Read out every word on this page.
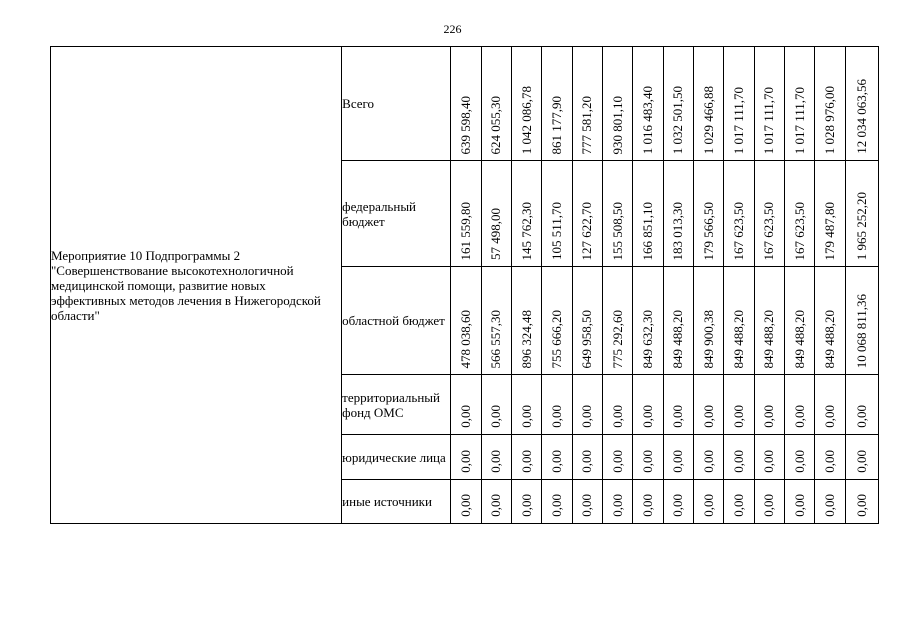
226
Мероприятие 10 Подпрограммы 2 "Совершенствование высокотехнологичной медицинской помощи, развитие новых эффективных методов лечения в Нижегородской области"	Всего	639 598,40	624 055,30	1 042 086,78	861 177,90	777 581,20	930 801,10	1 016 483,40	1 032 501,50	1 029 466,88	1 017 111,70	1 017 111,70	1 017 111,70	1 028 976,00	12 034 063,56

	федеральный бюджет	161 559,80	57 498,00	145 762,30	105 511,70	127 622,70	155 508,50	166 851,10	183 013,30	179 566,50	167 623,50	167 623,50	167 623,50	179 487,80	1 965 252,20

	областной бюджет	478 038,60	566 557,30	896 324,48	755 666,20	649 958,50	775 292,60	849 632,30	849 488,20	849 900,38	849 488,20	849 488,20	849 488,20	849 488,20	10 068 811,36

	территориальный фонд ОМС	0,00	0,00	0,00	0,00	0,00	0,00	0,00	0,00	0,00	0,00	0,00	0,00	0,00	0,00

	юридические лица	0,00	0,00	0,00	0,00	0,00	0,00	0,00	0,00	0,00	0,00	0,00	0,00	0,00	0,00

	иные источники	0,00	0,00	0,00	0,00	0,00	0,00	0,00	0,00	0,00	0,00	0,00	0,00	0,00	0,00
